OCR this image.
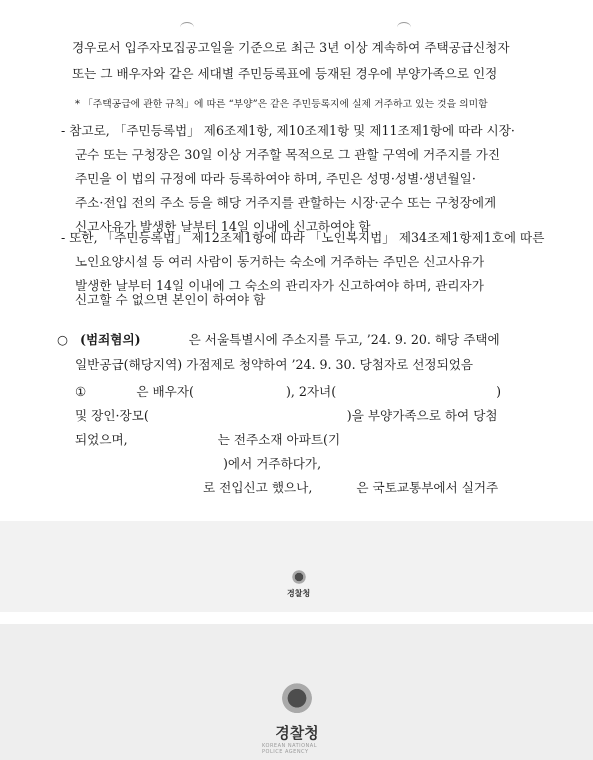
경우로서 입주자모집공고일을 기준으로 최근 3년 이상 계속하여 주택공급신청자
또는 그 배우자와 같은 세대별 주민등록표에 등재된 경우에 부양가족으로 인정
* 「주택공급에 관한 규칙」에 따른 “부양”은 같은 주민등록지에 실제 거주하고 있는 것을 의미함
- 참고로, 「주민등록법」 제6조제1항, 제10조제1항 및 제11조제1항에 따라 시장·
군수 또는 구청장은 30일 이상 거주할 목적으로 그 관할 구역에 거주지를 가진
주민을 이 법의 규정에 따라 등록하여야 하며, 주민은 성명·성별·생년월일·
주소·전입 전의 주소 등을 해당 거주지를 관할하는 시장·군수 또는 구청장에게
신고사유가 발생한 날부터 14일 이내에 신고하여야 함
- 또한, 「주민등록법」 제12조제1항에 따라 「노인복지법」 제34조제1항제1호에 따른
노인요양시설 등 여러 사람이 동거하는 숙소에 거주하는 주민은 신고사유가
발생한 날부터 14일 이내에 그 숙소의 관리자가 신고하여야 하며, 관리자가
신고할 수 없으면 본인이 하여야 함
○ (범죄혐의)	은 서울특별시에 주소지를 두고, ’24. 9. 20. 해당 주택에
일반공급(해당지역) 가점제로 청약하여 ’24. 9. 30. 당첨자로 선정되었음
①	은 배우자(	), 2자녀(	)
및 장인·장모(	)을 부양가족으로 하여 당첨
되었으며,	는 전주소재 아파트(기
)에서 거주하다가,
로 전입신고 했으나,	은 국토교통부에서 실거주
경찰청
경찰청
KOREAN NATIONAL POLICE AGENCY
